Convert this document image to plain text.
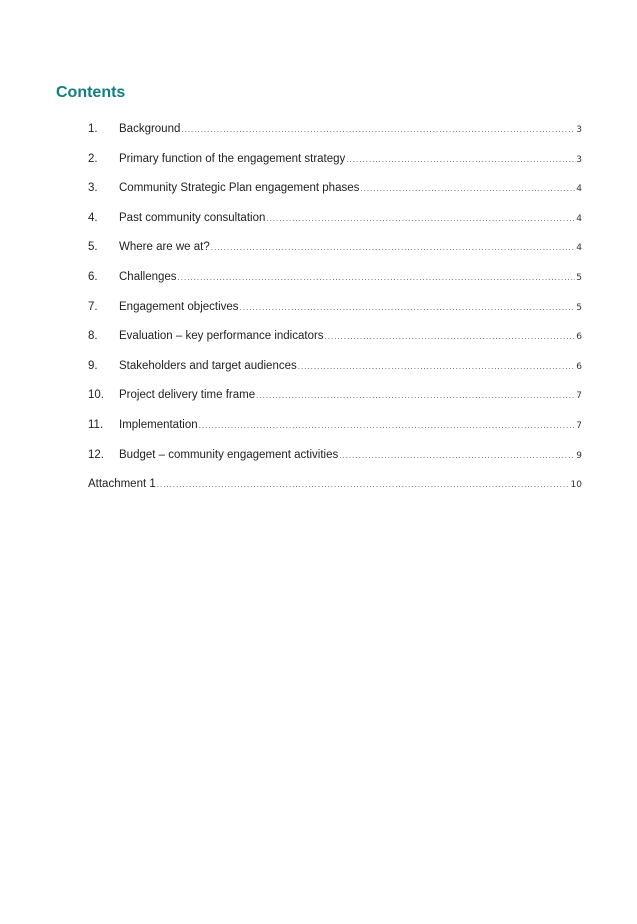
Contents
1.	Background .....	3
2.	Primary function of the engagement strategy .....	3
3.	Community Strategic Plan engagement phases .....	4
4.	Past community consultation .....	4
5.	Where are we at? .....	4
6.	Challenges .....	5
7.	Engagement objectives .....	5
8.	Evaluation – key performance indicators .....	6
9.	Stakeholders and target audiences .....	6
10.	Project delivery time frame .....	7
11.	Implementation .....	7
12.	Budget – community engagement activities .....	9
Attachment 1 .....	10
